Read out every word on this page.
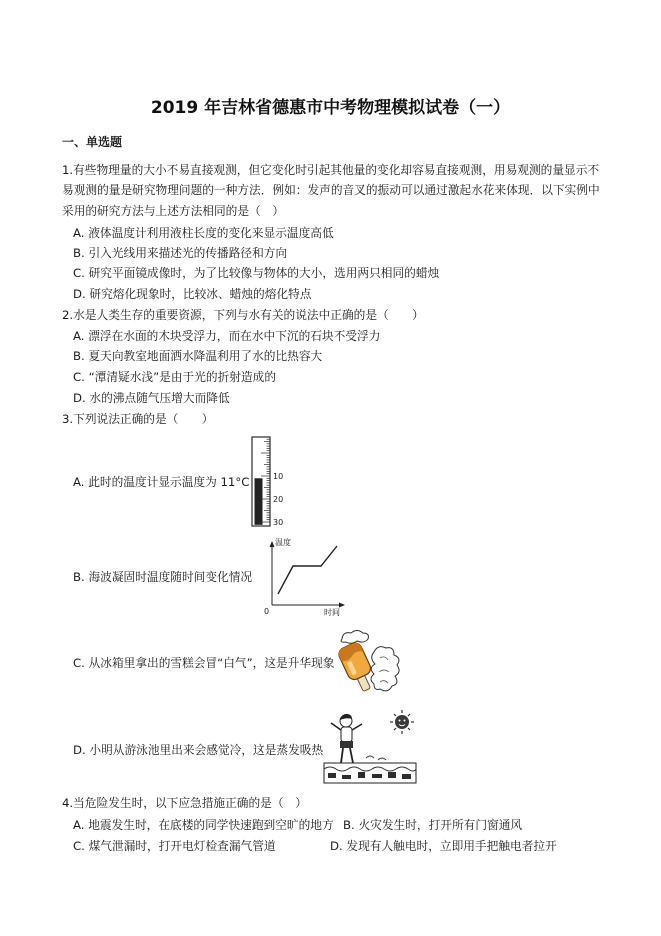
2019 年吉林省德惠市中考物理模拟试卷（一）
一、单选题
1.有些物理量的大小不易直接观测，但它变化时引起其他量的变化却容易直接观测，用易观测的量显示不
易观测的量是研究物理问题的一种方法．例如：发声的音叉的振动可以通过激起水花来体现．以下实例中
采用的研究方法与上述方法相同的是（　）
A. 液体温度计利用液柱长度的变化来显示温度高低
B. 引入光线用来描述光的传播路径和方向
C. 研究平面镜成像时，为了比较像与物体的大小，选用两只相同的蜡烛
D. 研究熔化现象时，比较冰、蜡烛的熔化特点
2.水是人类生存的重要资源，下列与水有关的说法中正确的是（　　）
A. 漂浮在水面的木块受浮力，而在水中下沉的石块不受浮力
B. 夏天向教室地面洒水降温利用了水的比热容大
C. “潭清疑水浅”是由于光的折射造成的
D. 水的沸点随气压增大而降低
3.下列说法正确的是（　　）
A. 此时的温度计显示温度为 11°C	10
20
30
B. 海波凝固时温度随时间变化情况
温度
0	时间
C. 从冰箱里拿出的雪糕会冒“白气”，这是升华现象
D. 小明从游泳池里出来会感觉冷，这是蒸发吸热
4.当危险发生时，以下应急措施正确的是（　）
A. 地震发生时，在底楼的同学快速跑到空旷的地方 B. 火灾发生时，打开所有门窗通风
C. 煤气泄漏时，打开电灯检查漏气管道	D. 发现有人触电时，立即用手把触电者拉开
